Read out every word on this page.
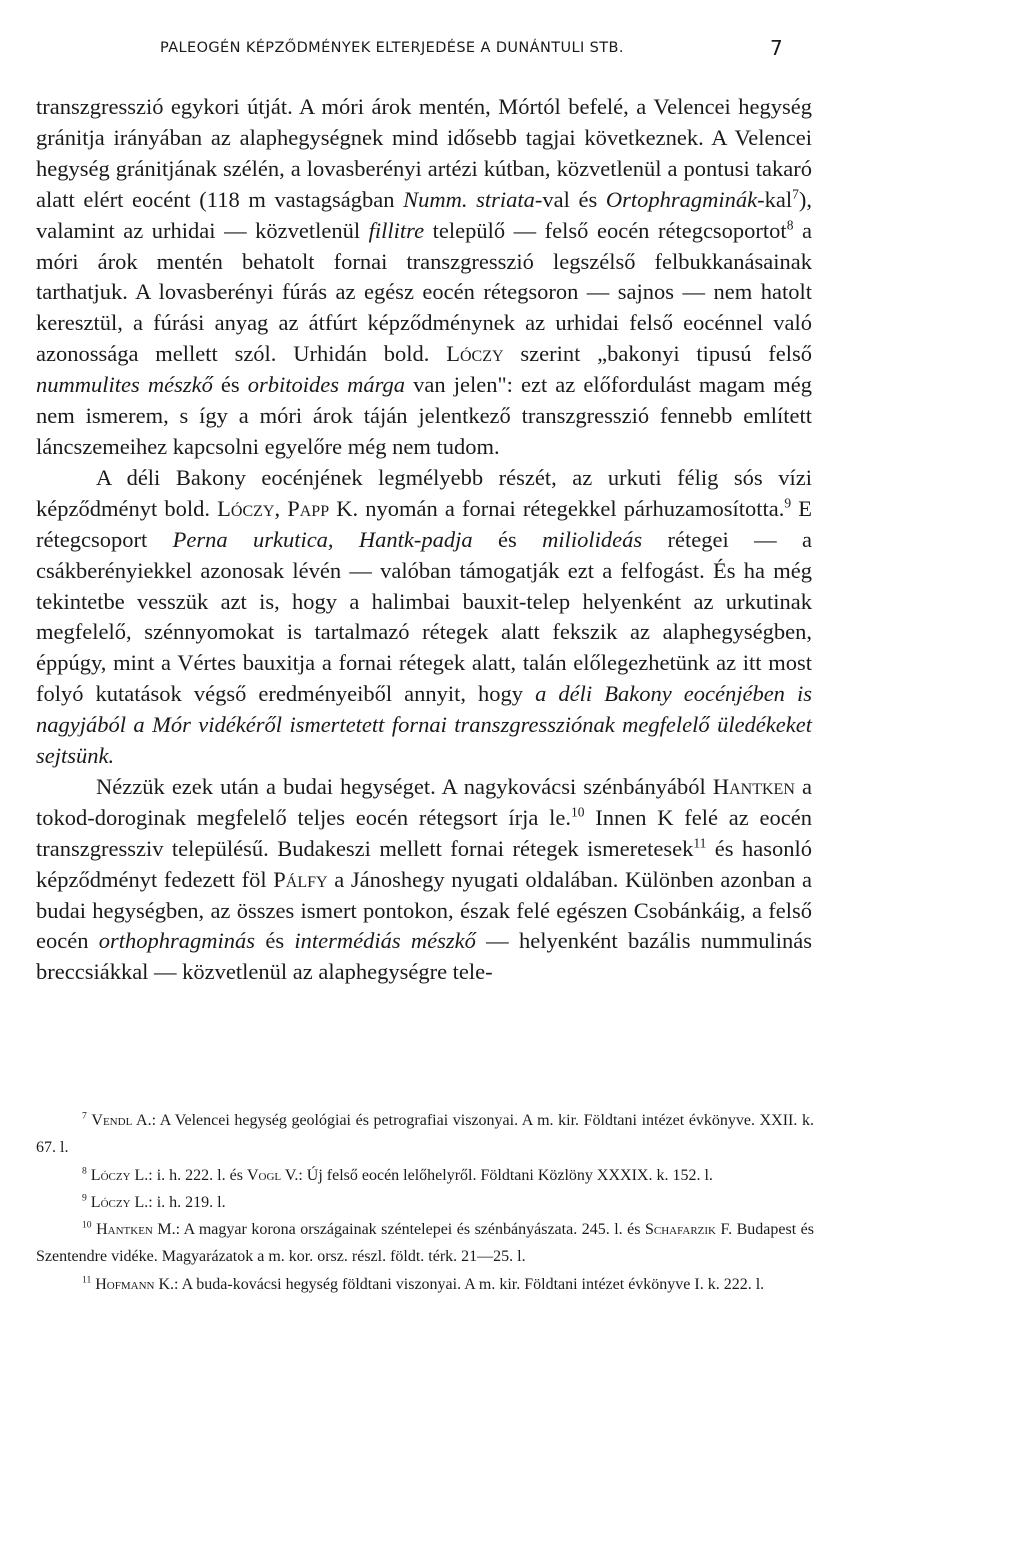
PALEOGÉN KÉPZŐDMÉNYEK ELTERJEDÉSE A DUNÁNTULI STB.	7

transzgresszió egykori útját. A móri árok mentén, Mórtól befelé, a Velencei hegység gránitja irányában az alaphegységnek mind idősebb tagjai következnek. A Velencei hegység gránitjának szélén, a lovasberényi artézi kútban, közvetlenül a pontusi takaró alatt elért eocént (118 m vastagságban Numm. striata-val és Ortophragminák-kal$^7$), valamint az urhidai — közvetlenül fillitre települő — felső eocén rétegcsoportot$^8$ a móri árok mentén behatolt fornai transzgresszió legszélső felbukkanásainak tarthatjuk. A lovasberényi fúrás az egész eocén rétegsoron — sajnos — nem hatolt keresztül, a fúrási anyag az átfúrt képződménynek az urhidai felső eocénnel való azonossága mellett szól. Urhidán bold. Lóczy szerint „bakonyi tipusú felső nummulites mészkő és orbitoides márga van jelen": ezt az előfordulást magam még nem ismerem, s így a móri árok táján jelentkező transzgresszió fennebb említett láncszemeihez kapcsolni egyelőre még nem tudom.

A déli Bakony eocénjének legmélyebb részét, az urkuti félig sós vízi képződményt bold. Lóczy, Papp K. nyomán a fornai rétegekkel párhuzamosította.$^9$ E rétegcsoport Perna urkutica, Hantk-padja és miliolideás rétegei — a csákberényiekkel azonosak lévén — valóban támogatják ezt a felfogást. És ha még tekintetbe vesszük azt is, hogy a halimbai bauxit-telep helyenként az urkutinak megfelelő, szénnyomokat is tartalmazó rétegek alatt fekszik az alaphegységben, éppúgy, mint a Vértes bauxitja a fornai rétegek alatt, talán előlegezhetünk az itt most folyó kutatások végső eredményeiből annyit, hogy a déli Bakony eocénjében is nagyjából a Mór vidékéről ismertetett fornai transzgressziónak megfelelő üledékeket sejtsünk.

Nézzük ezek után a budai hegységet. A nagykovácsi szénbányából Hantken a tokod-doroginak megfelelő teljes eocén rétegsort írja le.$^{10}$ Innen K felé az eocén transzgressziv településű. Budakeszi mellett fornai rétegek ismeretesek$^{11}$ és hasonló képződményt fedezett föl Pálfy a Jánoshegy nyugati oldalában. Különben azonban a budai hegységben, az összes ismert pontokon, észak felé egészen Csobánkáig, a felső eocén orthophragminás és intermédiás mészkő — helyenként bazális nummulinás breccsiákkal — közvetlenül az alaphegységre tele-

$^7$ Vendl A.: A Velencei hegység geológiai és petrografiai viszonyai. A m. kir. Földtani intézet évkönyve. XXII. k. 67. l.

$^8$ Lóczy L.: i. h. 222. l. és Vogl V.: Új felső eocén lelőhelyről. Földtani Közlöny XXXIX. k. 152. l.

$^9$ Lóczy L.: i. h. 219. l.

$^{10}$ Hantken M.: A magyar korona országainak széntelepei és szénbányászata. 245. l. és Schafarzik F. Budapest és Szentendre vidéke. Magyarázatok a m. kor. orsz. részl. földt. térk. 21—25. l.

$^{11}$ Hofmann K.: A buda-kovácsi hegység földtani viszonyai. A m. kir. Földtani intézet évkönyve I. k. 222. l.
